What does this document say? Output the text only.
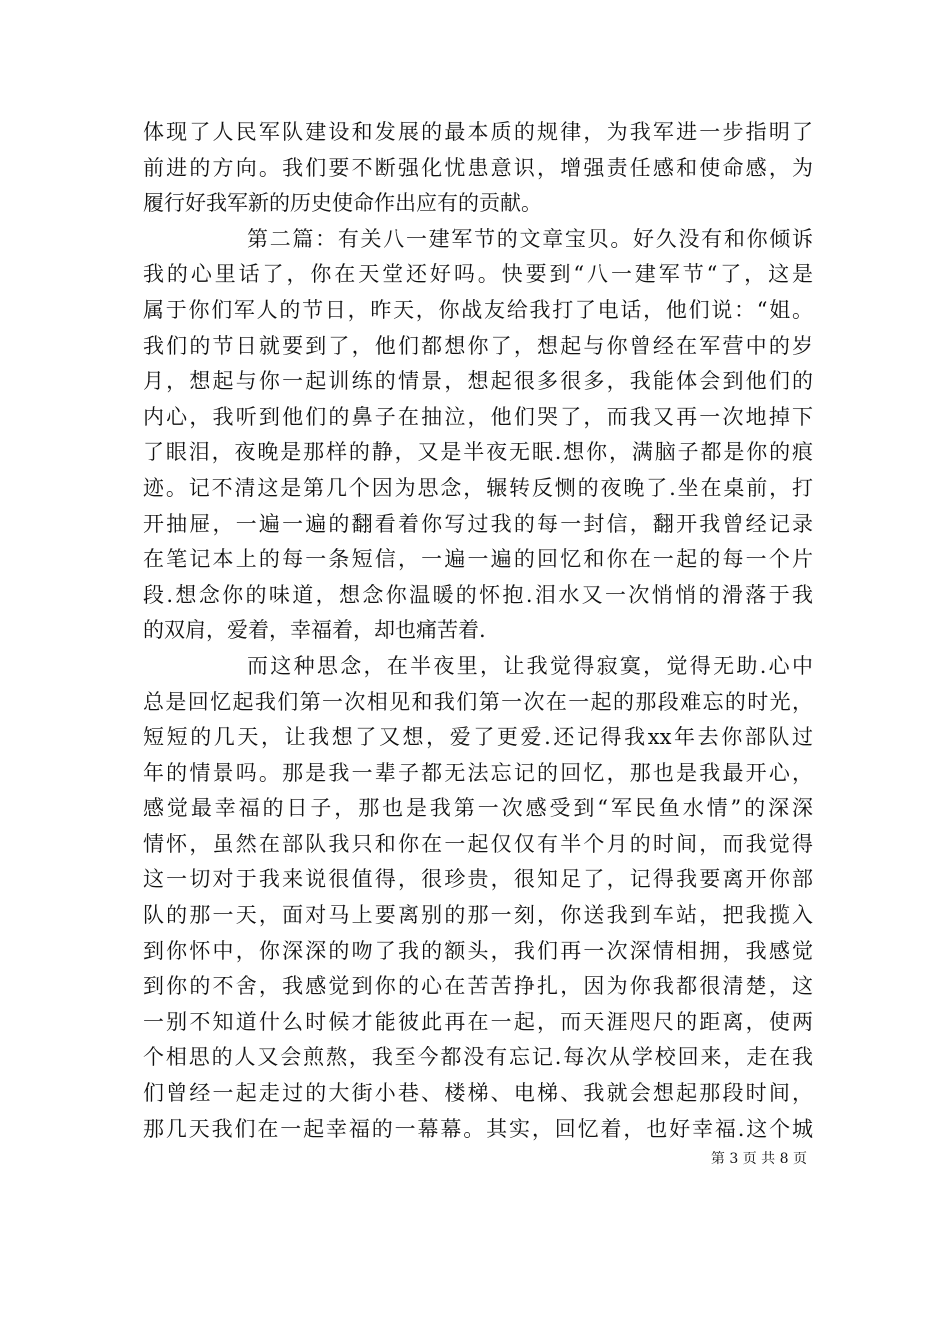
体现了人民军队建设和发展的最本质的规律，为我军进一步指明了
前进的方向。我们要不断强化忧患意识，增强责任感和使命感，为
履行好我军新的历史使命作出应有的贡献。
第二篇：有关八一建军节的文章宝贝。好久没有和你倾诉
我的心里话了，你在天堂还好吗。快要到“八一建军节“了，这是
属于你们军人的节日，昨天，你战友给我打了电话，他们说：“姐。
我们的节日就要到了，他们都想你了，想起与你曾经在军营中的岁
月，想起与你一起训练的情景，想起很多很多，我能体会到他们的
内心，我听到他们的鼻子在抽泣，他们哭了，而我又再一次地掉下
了眼泪，夜晚是那样的静，又是半夜无眠.想你，满脑子都是你的痕
迹。记不清这是第几个因为思念，辗转反恻的夜晚了.坐在桌前，打
开抽屉，一遍一遍的翻看着你写过我的每一封信，翻开我曾经记录
在笔记本上的每一条短信，一遍一遍的回忆和你在一起的每一个片
段.想念你的味道，想念你温暖的怀抱.泪水又一次悄悄的滑落于我
的双肩，爱着，幸福着，却也痛苦着.
而这种思念，在半夜里，让我觉得寂寞，觉得无助.心中
总是回忆起我们第一次相见和我们第一次在一起的那段难忘的时光，
短短的几天，让我想了又想，爱了更爱.还记得我xx年去你部队过
年的情景吗。那是我一辈子都无法忘记的回忆，那也是我最开心，
感觉最幸福的日子，那也是我第一次感受到“军民鱼水情”的深深
情怀，虽然在部队我只和你在一起仅仅有半个月的时间，而我觉得
这一切对于我来说很值得，很珍贵，很知足了，记得我要离开你部
队的那一天，面对马上要离别的那一刻，你送我到车站，把我揽入
到你怀中，你深深的吻了我的额头，我们再一次深情相拥，我感觉
到你的不舍，我感觉到你的心在苦苦挣扎，因为你我都很清楚，这
一别不知道什么时候才能彼此再在一起，而天涯咫尺的距离，使两
个相思的人又会煎熬，我至今都没有忘记.每次从学校回来，走在我
们曾经一起走过的大街小巷、楼梯、电梯、我就会想起那段时间，
那几天我们在一起幸福的一幕幕。其实，回忆着，也好幸福.这个城
第 3 页 共 8 页
